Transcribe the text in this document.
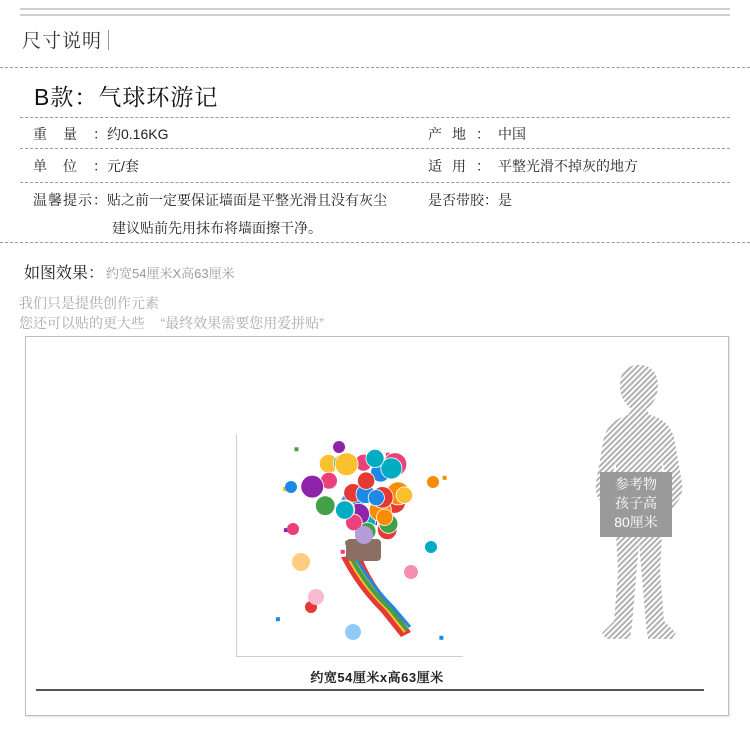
尺寸说明
B款：气球环游记
重量：约0.16KG	产地： 中国
单位：元/套	适用： 平整光滑不掉灰的地方
温馨提示：贴之前一定要保证墙面是平整光滑且没有灰尘	是否带胶：是
建议贴前先用抹布将墙面擦干净。
如图效果： 约宽54厘米X高63厘米
我们只是提供创作元素
您还可以贴的更大些    “最终效果需要您用爱拼贴”
约宽54厘米x高63厘米
参考物
孩子高
80厘米
